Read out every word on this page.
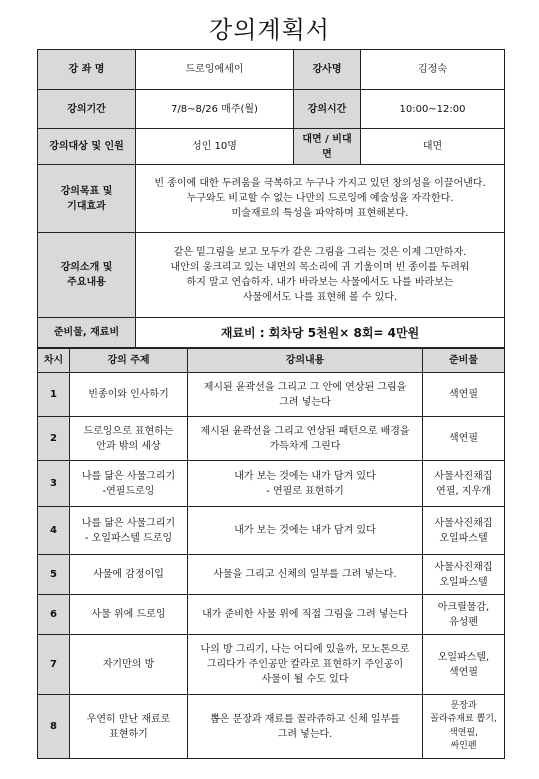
강의계획서
강 좌 명	드로잉에세이	강사명	김정숙
강의기간	7/8~8/26 매주(월)	강의시간	10:00~12:00
강의대상 및 인원	성인 10명	대면 / 비대면	대면
강의목표 및
기대효과	빈 종이에 대한 두려움을 극복하고 누구나 가지고 있던 창의성을 이끌어낸다.
누구와도 비교할 수 없는 나만의 드로잉에 예술성을 자각한다.
미술재료의 특성을 파악하며 표현해본다.		
강의소개 및
주요내용	같은 밑그림을 보고 모두가 같은 그림을 그리는 것은 이제 그만하자.
내안의 웅크리고 있는 내면의 목소리에 귀 기울이며 빈 종이를 두려워
하지 말고 연습하자. 내가 바라보는 사물에서도 나를 바라보는
사물에서도 나를 표현해 볼 수 있다.		
준비물, 재료비	재료비 : 회차당 5천원× 8회= 4만원		
차시	강의 주제	강의내용	준비물
1	빈종이와 인사하기	제시된 윤곽선을 그리고 그 안에 연상된 그림을
그려 넣는다	색연필
2	드로잉으로 표현하는
안과 밖의 세상	제시된 윤곽선을 그리고 연상된 패턴으로 배경을
가득차게 그린다	색연필
3	나를 닮은 사물그리기
-연필드로잉	내가 보는 것에는 내가 담겨 있다
- 연필로 표현하기	사물사진채집
연필, 지우개
4	나를 닮은 사물그리기
- 오일파스텔 드로잉	내가 보는 것에는 내가 담겨 있다	사물사진채집
오일파스텔
5	사물에 감정이입	사물을 그리고 신체의 일부를 그려 넣는다.	사물사진채집
오일파스텔
6	사물 위에 드로잉	내가 준비한 사물 위에 직접 그림을 그려 넣는다	아크릴물감,
유성펜
7	자기만의 방	나의 방 그리기, 나는 어디에 있을까, 모노톤으로
그리다가 주인공만 칼라로 표현하기 주인공이
사물이 될 수도 있다	오일파스텔,
색연필
8	우연히 만난 재료로
표현하기	뽑은 문장과 재료를 꼴라쥬하고 신체 일부를
그려 넣는다.	문장과
꼴라쥬재료 뽑기,
색연필,
싸인펜
